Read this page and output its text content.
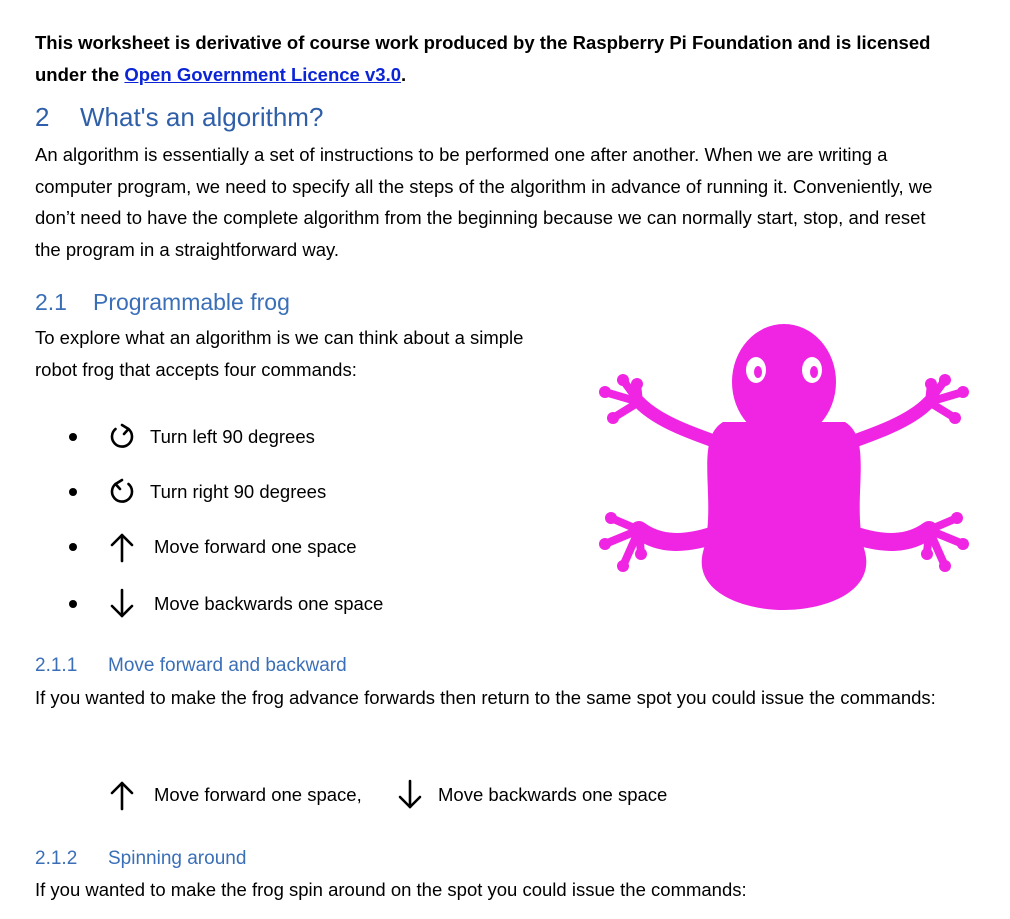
This worksheet is derivative of course work produced by the Raspberry Pi Foundation and is licensed under the Open Government Licence v3.0.
2 What's an algorithm?
An algorithm is essentially a set of instructions to be performed one after another. When we are writing a computer program, we need to specify all the steps of the algorithm in advance of running it. Conveniently, we don’t need to have the complete algorithm from the beginning because we can normally start, stop, and reset the program in a straightforward way.
2.1 Programmable frog
To explore what an algorithm is we can think about a simple robot frog that accepts four commands:
Turn left 90 degrees
Turn right 90 degrees
Move forward one space
Move backwards one space
2.1.1 Move forward and backward
If you wanted to make the frog advance forwards then return to the same spot you could issue the commands:
Move forward one space,	Move backwards one space
2.1.2 Spinning around
If you wanted to make the frog spin around on the spot you could issue the commands:
